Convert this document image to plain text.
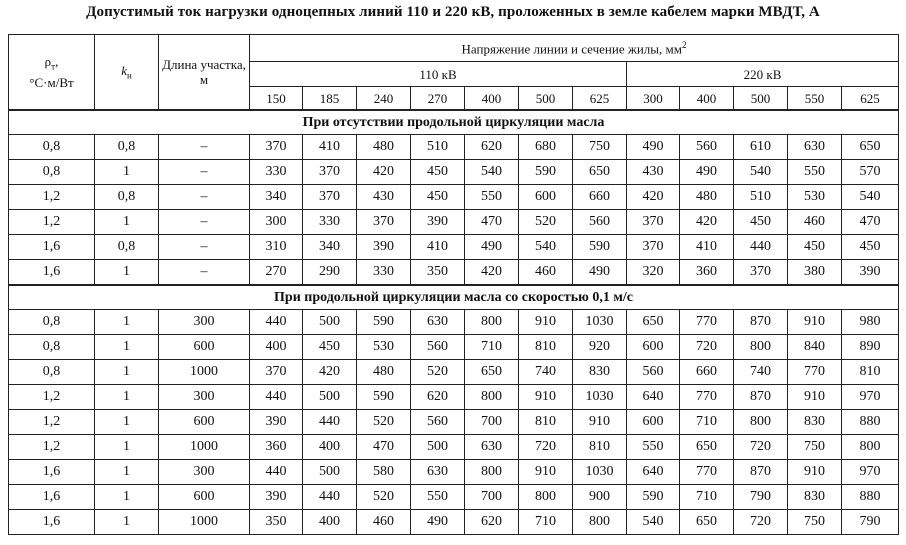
Допустимый ток нагрузки одноцепных линий 110 и 220 кВ, проложенных в земле кабелем марки МВДТ, А
$\rho_т$,
°С·м/Вт	$k_н$	Длина участка, м	Напряжение линии и сечение жилы, $мм^2$
			110 кВ							220 кВ				
			150	185	240	270	400	500	625	300	400	500	550	625
При отсутствии продольной циркуляции масла														
0,8	0,8	–	370	410	480	510	620	680	750	490	560	610	630	650
0,8	1	–	330	370	420	450	540	590	650	430	490	540	550	570
1,2	0,8	–	340	370	430	450	550	600	660	420	480	510	530	540
1,2	1	–	300	330	370	390	470	520	560	370	420	450	460	470
1,6	0,8	–	310	340	390	410	490	540	590	370	410	440	450	450
1,6	1	–	270	290	330	350	420	460	490	320	360	370	380	390
При продольной циркуляции масла со скоростью 0,1 м/с														
0,8	1	300	440	500	590	630	800	910	1030	650	770	870	910	980
0,8	1	600	400	450	530	560	710	810	920	600	720	800	840	890
0,8	1	1000	370	420	480	520	650	740	830	560	660	740	770	810
1,2	1	300	440	500	590	620	800	910	1030	640	770	870	910	970
1,2	1	600	390	440	520	560	700	810	910	600	710	800	830	880
1,2	1	1000	360	400	470	500	630	720	810	550	650	720	750	800
1,6	1	300	440	500	580	630	800	910	1030	640	770	870	910	970
1,6	1	600	390	440	520	550	700	800	900	590	710	790	830	880
1,6	1	1000	350	400	460	490	620	710	800	540	650	720	750	790
